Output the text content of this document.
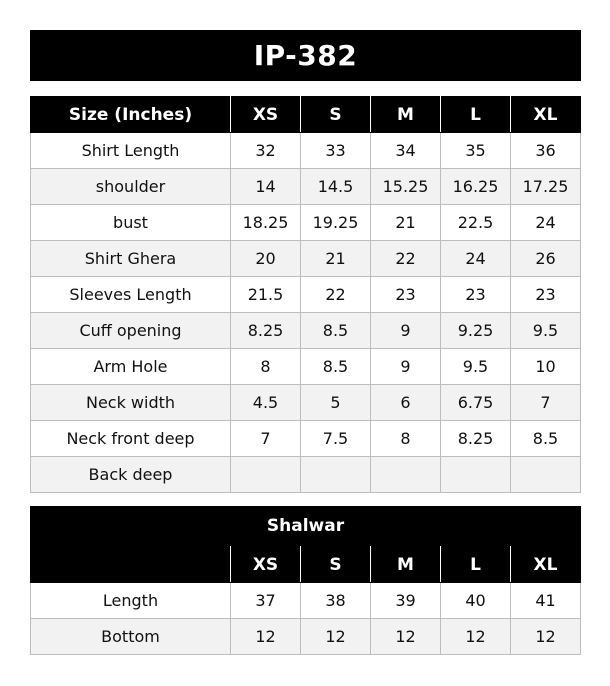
IP-382
Size (Inches)	XS	S	M	L	XL
Shirt Length	32	33	34	35	36
shoulder	14	14.5	15.25	16.25	17.25
bust	18.25	19.25	21	22.5	24
Shirt Ghera	20	21	22	24	26
Sleeves Length	21.5	22	23	23	23
Cuff opening	8.25	8.5	9	9.25	9.5
Arm Hole	8	8.5	9	9.5	10
Neck width	4.5	5	6	6.75	7
Neck front deep	7	7.5	8	8.25	8.5
Back deep					
Shalwar
	XS	S	M	L	XL
Length	37	38	39	40	41
Bottom	12	12	12	12	12
